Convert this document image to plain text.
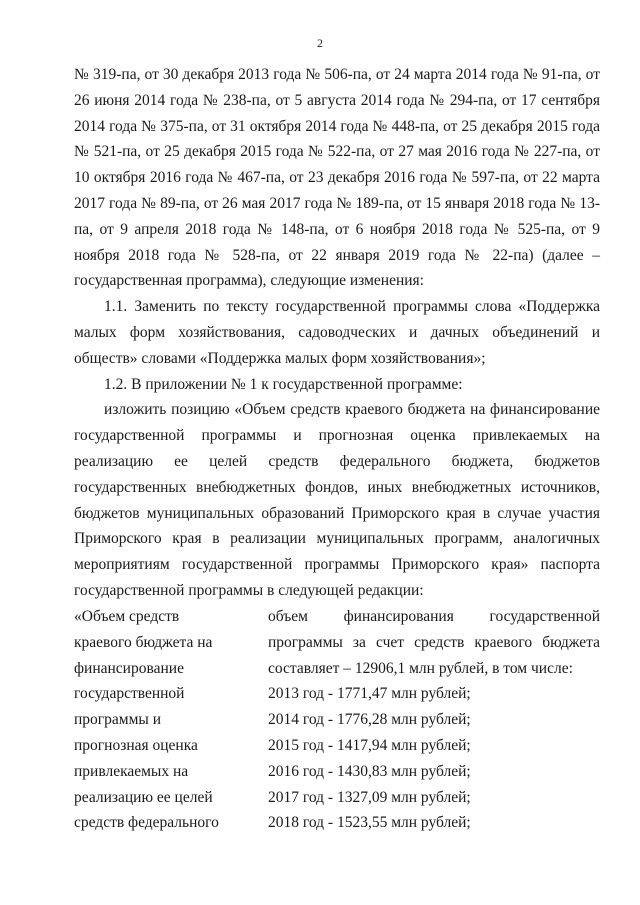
2

№ 319-па, от 30 декабря 2013 года № 506-па, от 24 марта 2014 года № 91-па, от 26 июня 2014 года № 238-па, от 5 августа 2014 года № 294-па, от 17 сентября 2014 года № 375-па, от 31 октября 2014 года № 448-па, от 25 декабря 2015 года № 521-па, от 25 декабря 2015 года № 522-па, от 27 мая 2016 года № 227-па, от 10 октября 2016 года № 467-па, от 23 декабря 2016 года № 597-па, от 22 марта 2017 года № 89-па, от 26 мая 2017 года № 189-па, от 15 января 2018 года № 13-па, от 9 апреля 2018 года № 148-па, от 6 ноября 2018 года № 525-па, от 9 ноября 2018 года № 528-па, от 22 января 2019 года № 22-па) (далее – государственная программа), следующие изменения:

1.1. Заменить по тексту государственной программы слова «Поддержка малых форм хозяйствования, садоводческих и дачных объединений и обществ» словами «Поддержка малых форм хозяйствования»;

1.2. В приложении № 1 к государственной программе:

изложить позицию «Объем средств краевого бюджета на финансирование государственной программы и прогнозная оценка привлекаемых на реализацию ее целей средств федерального бюджета, бюджетов государственных внебюджетных фондов, иных внебюджетных источников, бюджетов муниципальных образований Приморского края в случае участия Приморского края в реализации муниципальных программ, аналогичных мероприятиям государственной программы Приморского края» паспорта государственной программы в следующей редакции:

«Объем средств
краевого бюджета на
финансирование
государственной
программы и
прогнозная оценка
привлекаемых на
реализацию ее целей
средств федерального

объем финансирования государственной программы за счет средств краевого бюджета составляет – 12906,1 млн рублей, в том числе:

2013 год - 1771,47 млн рублей;
2014 год - 1776,28 млн рублей;
2015 год - 1417,94 млн рублей;
2016 год - 1430,83 млн рублей;
2017 год - 1327,09 млн рублей;
2018 год - 1523,55 млн рублей;
